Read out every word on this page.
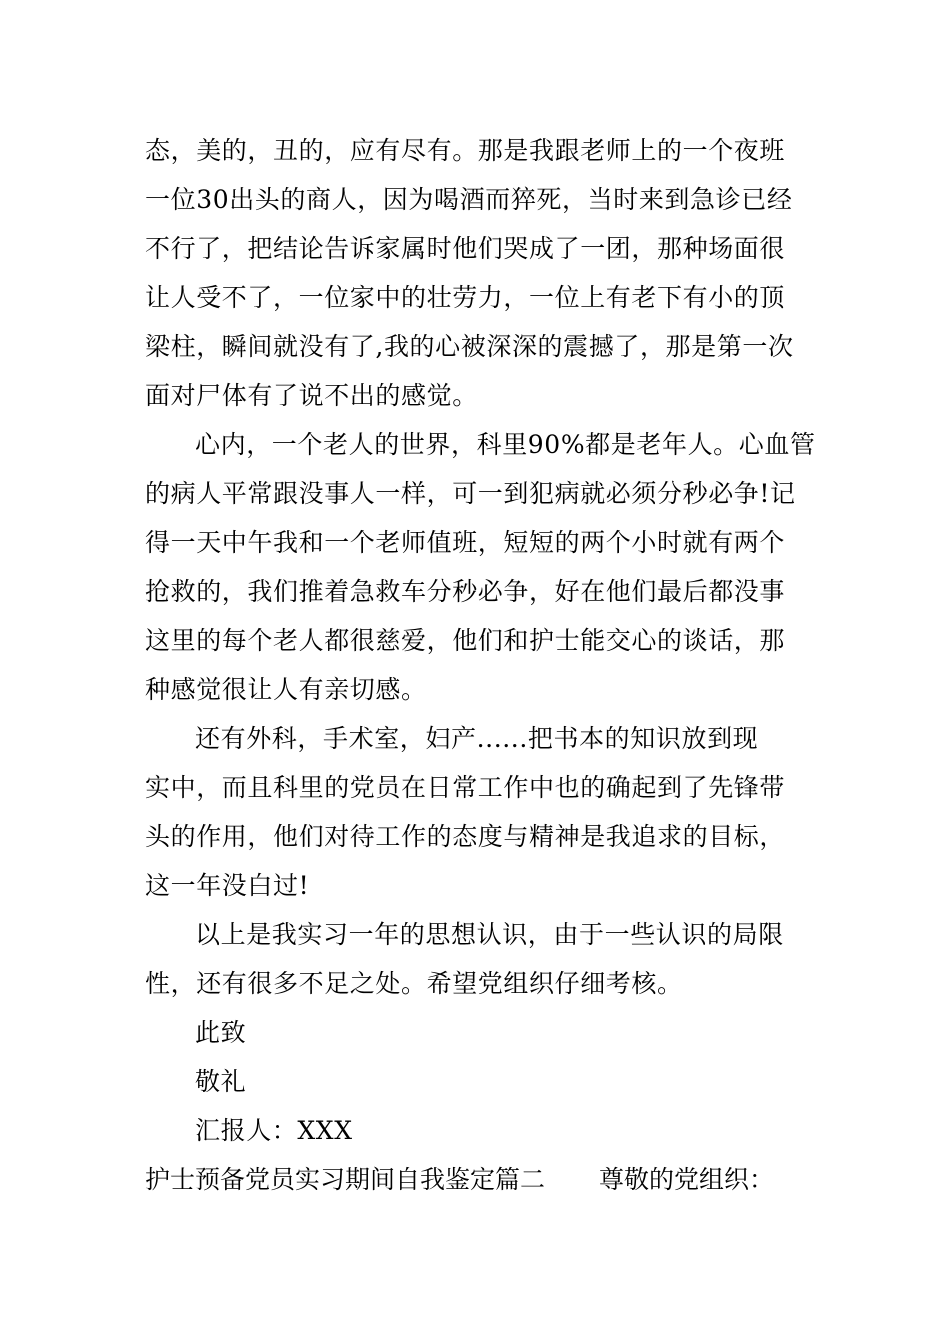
态，美的，丑的，应有尽有。那是我跟老师上的一个夜班
一位30出头的商人，因为喝酒而猝死，当时来到急诊已经
不行了，把结论告诉家属时他们哭成了一团，那种场面很
让人受不了，一位家中的壮劳力，一位上有老下有小的顶
梁柱，瞬间就没有了,我的心被深深的震撼了，那是第一次
面对尸体有了说不出的感觉。
心内，一个老人的世界，科里90%都是老年人。心血管
的病人平常跟没事人一样，可一到犯病就必须分秒必争!记
得一天中午我和一个老师值班，短短的两个小时就有两个
抢救的，我们推着急救车分秒必争，好在他们最后都没事
这里的每个老人都很慈爱，他们和护士能交心的谈话，那
种感觉很让人有亲切感。
还有外科，手术室，妇产......把书本的知识放到现
实中，而且科里的党员在日常工作中也的确起到了先锋带
头的作用，他们对待工作的态度与精神是我追求的目标，
这一年没白过!
以上是我实习一年的思想认识，由于一些认识的局限
性，还有很多不足之处。希望党组织仔细考核。
此致
敬礼
汇报人：XXX
护士预备党员实习期间自我鉴定篇二 尊敬的党组织：
